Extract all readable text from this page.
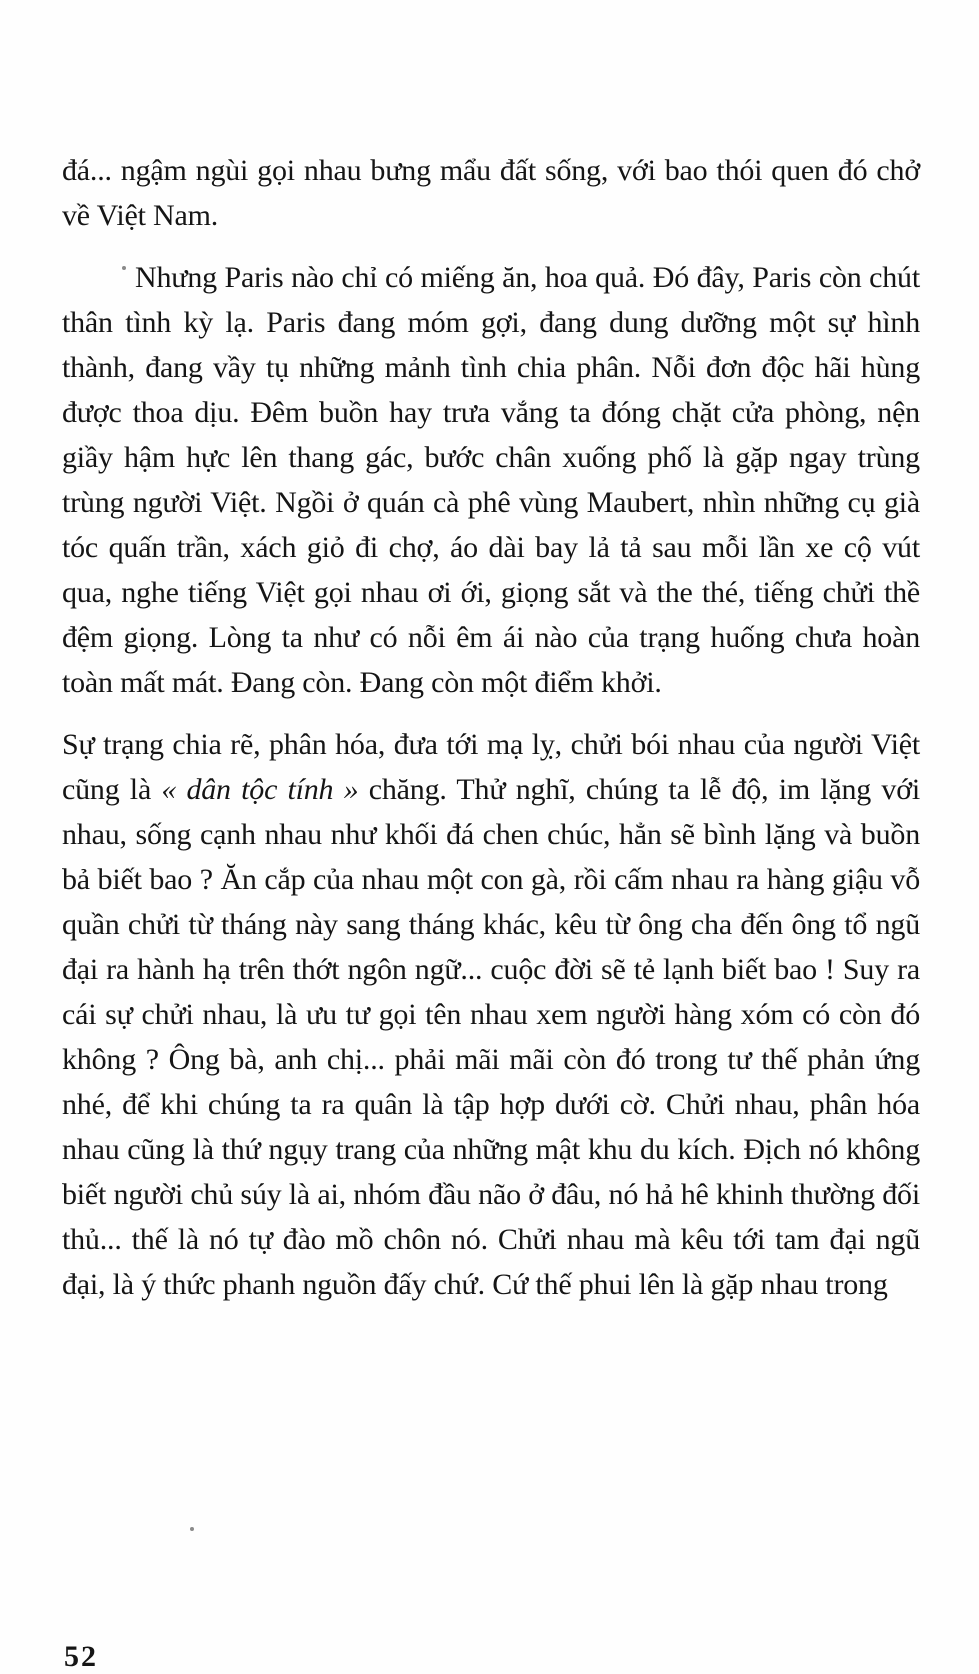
đá... ngậm ngùi gọi nhau bưng mẩu đất sống, với bao thói quen đó chở về Việt Nam.

Nhưng Paris nào chỉ có miếng ăn, hoa quả. Đó đây, Paris còn chút thân tình kỳ lạ. Paris đang móm gợi, đang dung dưỡng một sự hình thành, đang vầy tụ những mảnh tình chia phân. Nỗi đơn độc hãi hùng được thoa dịu. Đêm buồn hay trưa vắng ta đóng chặt cửa phòng, nện giầy hậm hực lên thang gác, bước chân xuống phố là gặp ngay trùng trùng người Việt. Ngồi ở quán cà phê vùng Maubert, nhìn những cụ già tóc quấn trần, xách giỏ đi chợ, áo dài bay lả tả sau mỗi lần xe cộ vút qua, nghe tiếng Việt gọi nhau ơi ới, giọng sắt và the thé, tiếng chửi thề đệm giọng. Lòng ta như có nỗi êm ái nào của trạng huống chưa hoàn toàn mất mát. Đang còn. Đang còn một điểm khởi.

Sự trạng chia rẽ, phân hóa, đưa tới mạ lỵ, chửi bói nhau của người Việt cũng là « dân tộc tính » chăng. Thử nghĩ, chúng ta lễ độ, im lặng với nhau, sống cạnh nhau như khối đá chen chúc, hẳn sẽ bình lặng và buồn bả biết bao ? Ăn cắp của nhau một con gà, rồi cấm nhau ra hàng giậu vỗ quần chửi từ tháng này sang tháng khác, kêu từ ông cha đến ông tổ ngũ đại ra hành hạ trên thớt ngôn ngữ... cuộc đời sẽ tẻ lạnh biết bao ! Suy ra cái sự chửi nhau, là ưu tư gọi tên nhau xem người hàng xóm có còn đó không ? Ông bà, anh chị... phải mãi mãi còn đó trong tư thế phản ứng nhé, để khi chúng ta ra quân là tập hợp dưới cờ. Chửi nhau, phân hóa nhau cũng là thứ ngụy trang của những mật khu du kích. Địch nó không biết người chủ súy là ai, nhóm đầu não ở đâu, nó hả hê khinh thường đối thủ... thế là nó tự đào mồ chôn nó. Chửi nhau mà kêu tới tam đại ngũ đại, là ý thức phanh nguồn đấy chứ. Cứ thế phui lên là gặp nhau trong

52
